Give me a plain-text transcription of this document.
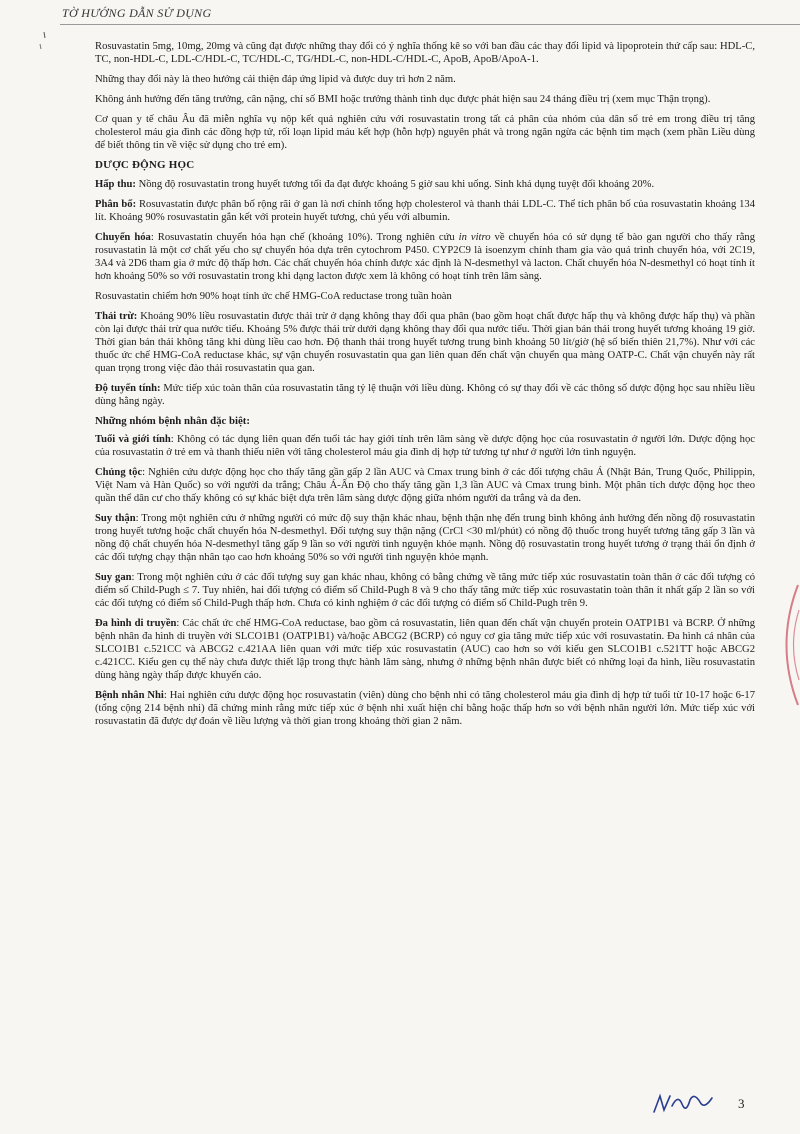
TỜ HƯỚNG DẪN SỬ DỤNG

Rosuvastatin 5mg, 10mg, 20mg và cũng đạt được những thay đổi có ý nghĩa thống kê so với ban đầu các thay đổi lipid và lipoprotein thứ cấp sau: HDL-C, TC, non-HDL-C, LDL-C/HDL-C, TC/HDL-C, TG/HDL-C, non-HDL-C/HDL-C, ApoB, ApoB/ApoA-1.

Những thay đổi này là theo hướng cải thiện đáp ứng lipid và được duy trì hơn 2 năm.

Không ảnh hưởng đến tăng trưởng, cân nặng, chỉ số BMI hoặc trưởng thành tình dục được phát hiện sau 24 tháng điều trị (xem mục Thận trọng).

Cơ quan y tế châu Âu đã miễn nghĩa vụ nộp kết quả nghiên cứu với rosuvastatin trong tất cả phân của nhóm của dân số trẻ em trong điều trị tăng cholesterol máu gia đình các đồng hợp tử, rối loạn lipid máu kết hợp (hỗn hợp) nguyên phát và trong ngăn ngừa các bệnh tim mạch (xem phần Liều dùng để biết thông tin về việc sử dụng cho trẻ em).

DƯỢC ĐỘNG HỌC

Hấp thu: Nồng độ rosuvastatin trong huyết tương tối đa đạt được khoảng 5 giờ sau khi uống. Sinh khả dụng tuyệt đối khoảng 20%.

Phân bố: Rosuvastatin được phân bố rộng rãi ở gan là nơi chính tổng hợp cholesterol và thanh thải LDL-C. Thể tích phân bố của rosuvastatin khoảng 134 lít. Khoảng 90% rosuvastatin gắn kết với protein huyết tương, chủ yếu với albumin.

Chuyển hóa: Rosuvastatin chuyển hóa hạn chế (khoảng 10%). Trong nghiên cứu in vitro về chuyển hóa có sử dụng tế bào gan người cho thấy rằng rosuvastatin là một cơ chất yếu cho sự chuyển hóa dựa trên cytochrom P450. CYP2C9 là isoenzym chính tham gia vào quá trình chuyển hóa, với 2C19, 3A4 và 2D6 tham gia ở mức độ thấp hơn. Các chất chuyển hóa chính được xác định là N-desmethyl và lacton. Chất chuyển hóa N-desmethyl có hoạt tính ít hơn khoảng 50% so với rosuvastatin trong khi dạng lacton được xem là không có hoạt tính trên lâm sàng.

Rosuvastatin chiếm hơn 90% hoạt tính ức chế HMG-CoA reductase trong tuần hoàn

Thải trừ: Khoảng 90% liều rosuvastatin được thải trừ ở dạng không thay đổi qua phân (bao gồm hoạt chất được hấp thụ và không được hấp thụ) và phần còn lại được thải trừ qua nước tiểu. Khoảng 5% được thải trừ dưới dạng không thay đổi qua nước tiểu. Thời gian bán thải trong huyết tương khoảng 19 giờ. Thời gian bán thải không tăng khi dùng liều cao hơn. Độ thanh thải trong huyết tương trung bình khoảng 50 lít/giờ (hệ số biến thiên 21,7%). Như với các thuốc ức chế HMG-CoA reductase khác, sự vận chuyển rosuvastatin qua gan liên quan đến chất vận chuyển qua màng OATP-C. Chất vận chuyển này rất quan trọng trong việc đào thải rosuvastatin qua gan.

Độ tuyến tính: Mức tiếp xúc toàn thân của rosuvastatin tăng tỷ lệ thuận với liều dùng. Không có sự thay đổi về các thông số dược động học sau nhiều liều dùng hằng ngày.

Những nhóm bệnh nhân đặc biệt:

Tuổi và giới tính: Không có tác dụng liên quan đến tuổi tác hay giới tính trên lâm sàng về dược động học của rosuvastatin ở người lớn. Dược động học của rosuvastatin ở trẻ em và thanh thiếu niên với tăng cholesterol máu gia đình dị hợp tử tương tự như ở người lớn tình nguyện.

Chủng tộc: Nghiên cứu dược động học cho thấy tăng gần gấp 2 lần AUC và Cmax trung bình ở các đối tượng châu Á (Nhật Bản, Trung Quốc, Philippin, Việt Nam và Hàn Quốc) so với người da trắng; Châu Á-Ấn Độ cho thấy tăng gần 1,3 lần AUC và Cmax trung bình. Một phân tích dược động học theo quần thể dân cư cho thấy không có sự khác biệt dựa trên lâm sàng dược động giữa nhóm người da trắng và da đen.

Suy thận: Trong một nghiên cứu ở những người có mức độ suy thận khác nhau, bệnh thận nhẹ đến trung bình không ảnh hưởng đến nồng độ rosuvastatin trong huyết tương hoặc chất chuyển hóa N-desmethyl. Đối tượng suy thận nặng (CrCl <30 ml/phút) có nồng độ thuốc trong huyết tương tăng gấp 3 lần và nồng độ chất chuyển hóa N-desmethyl tăng gấp 9 lần so với người tình nguyện khỏe mạnh. Nồng độ rosuvastatin trong huyết tương ở trạng thái ổn định ở các đối tượng chạy thận nhân tạo cao hơn khoảng 50% so với người tình nguyện khỏe mạnh.

Suy gan: Trong một nghiên cứu ở các đối tượng suy gan khác nhau, không có bằng chứng về tăng mức tiếp xúc rosuvastatin toàn thân ở các đối tượng có điểm số Child-Pugh ≤ 7. Tuy nhiên, hai đối tượng có điểm số Child-Pugh 8 và 9 cho thấy tăng mức tiếp xúc rosuvastatin toàn thân ít nhất gấp 2 lần so với các đối tượng có điểm số Child-Pugh thấp hơn. Chưa có kinh nghiệm ở các đối tượng có điểm số Child-Pugh trên 9.

Đa hình di truyền: Các chất ức chế HMG-CoA reductase, bao gồm cả rosuvastatin, liên quan đến chất vận chuyển protein OATP1B1 và BCRP. Ở những bệnh nhân đa hình di truyền với SLCO1B1 (OATP1B1) và/hoặc ABCG2 (BCRP) có nguy cơ gia tăng mức tiếp xúc với rosuvastatin. Đa hình cá nhân của SLCO1B1 c.521CC và ABCG2 c.421AA liên quan với mức tiếp xúc rosuvastatin (AUC) cao hơn so với kiểu gen SLCO1B1 c.521TT hoặc ABCG2 c.421CC. Kiểu gen cụ thể này chưa được thiết lập trong thực hành lâm sàng, nhưng ở những bệnh nhân được biết có những loại đa hình, liều rosuvastatin dùng hàng ngày thấp được khuyến cáo.

Bệnh nhân Nhi: Hai nghiên cứu dược động học rosuvastatin (viên) dùng cho bệnh nhi có tăng cholesterol máu gia đình dị hợp tử tuổi từ 10-17 hoặc 6-17 (tổng cộng 214 bệnh nhi) đã chứng minh rằng mức tiếp xúc ở bệnh nhi xuất hiện chỉ bằng hoặc thấp hơn so với bệnh nhân người lớn. Mức tiếp xúc với rosuvastatin đã được dự đoán về liều lượng và thời gian trong khoảng thời gian 2 năm.

3
